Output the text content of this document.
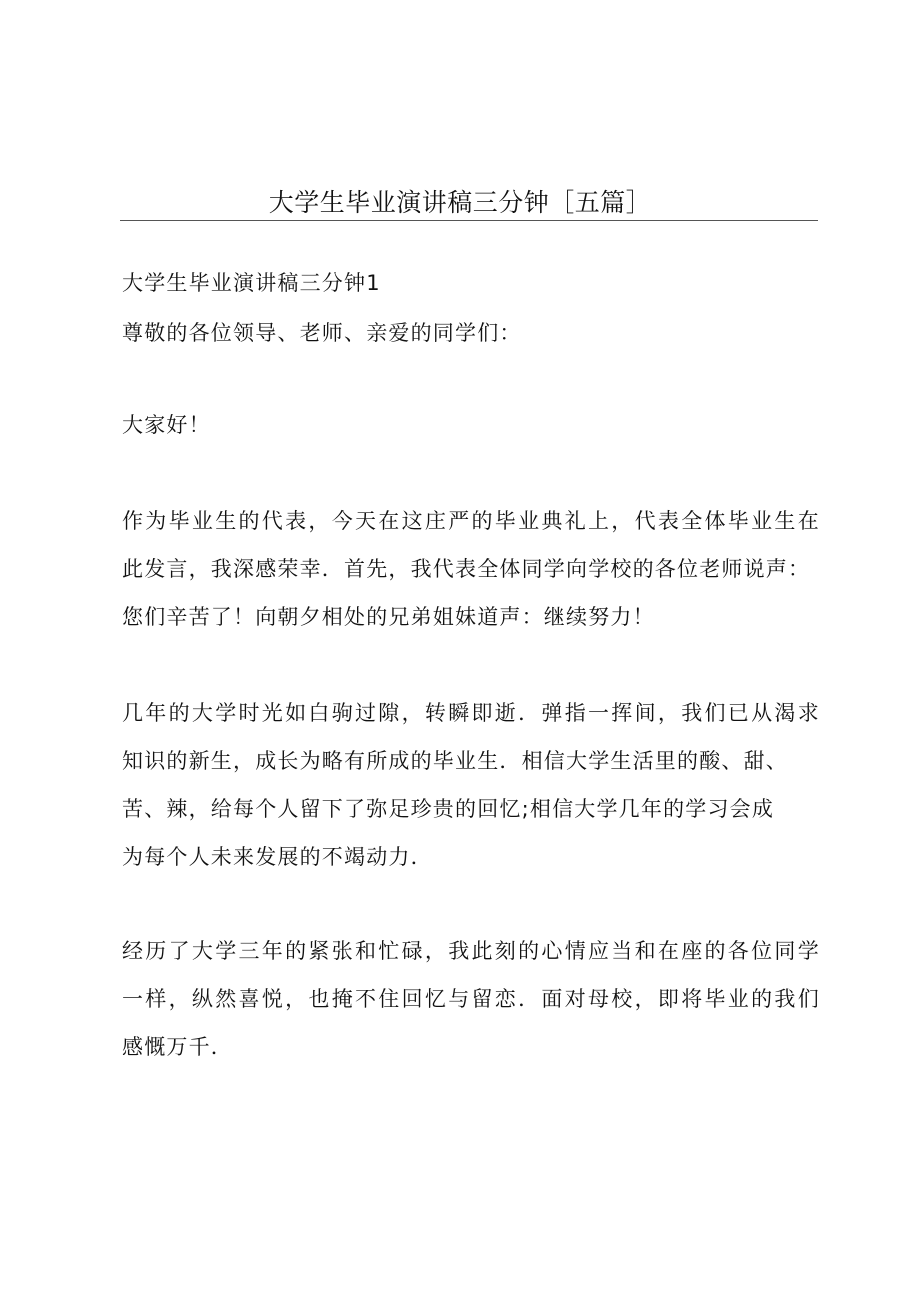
大学生毕业演讲稿三分钟［五篇］
大学生毕业演讲稿三分钟1
尊敬的各位领导、老师、亲爱的同学们：
大家好！
作为毕业生的代表，今天在这庄严的毕业典礼上，代表全体毕业生在
此发言，我深感荣幸．首先，我代表全体同学向学校的各位老师说声：
您们辛苦了！向朝夕相处的兄弟姐妹道声：继续努力！
几年的大学时光如白驹过隙，转瞬即逝．弹指一挥间，我们已从渴求
知识的新生，成长为略有所成的毕业生．相信大学生活里的酸、甜、
苦、辣，给每个人留下了弥足珍贵的回忆;相信大学几年的学习会成
为每个人未来发展的不竭动力．
经历了大学三年的紧张和忙碌，我此刻的心情应当和在座的各位同学
一样，纵然喜悦，也掩不住回忆与留恋．面对母校，即将毕业的我们
感慨万千．
